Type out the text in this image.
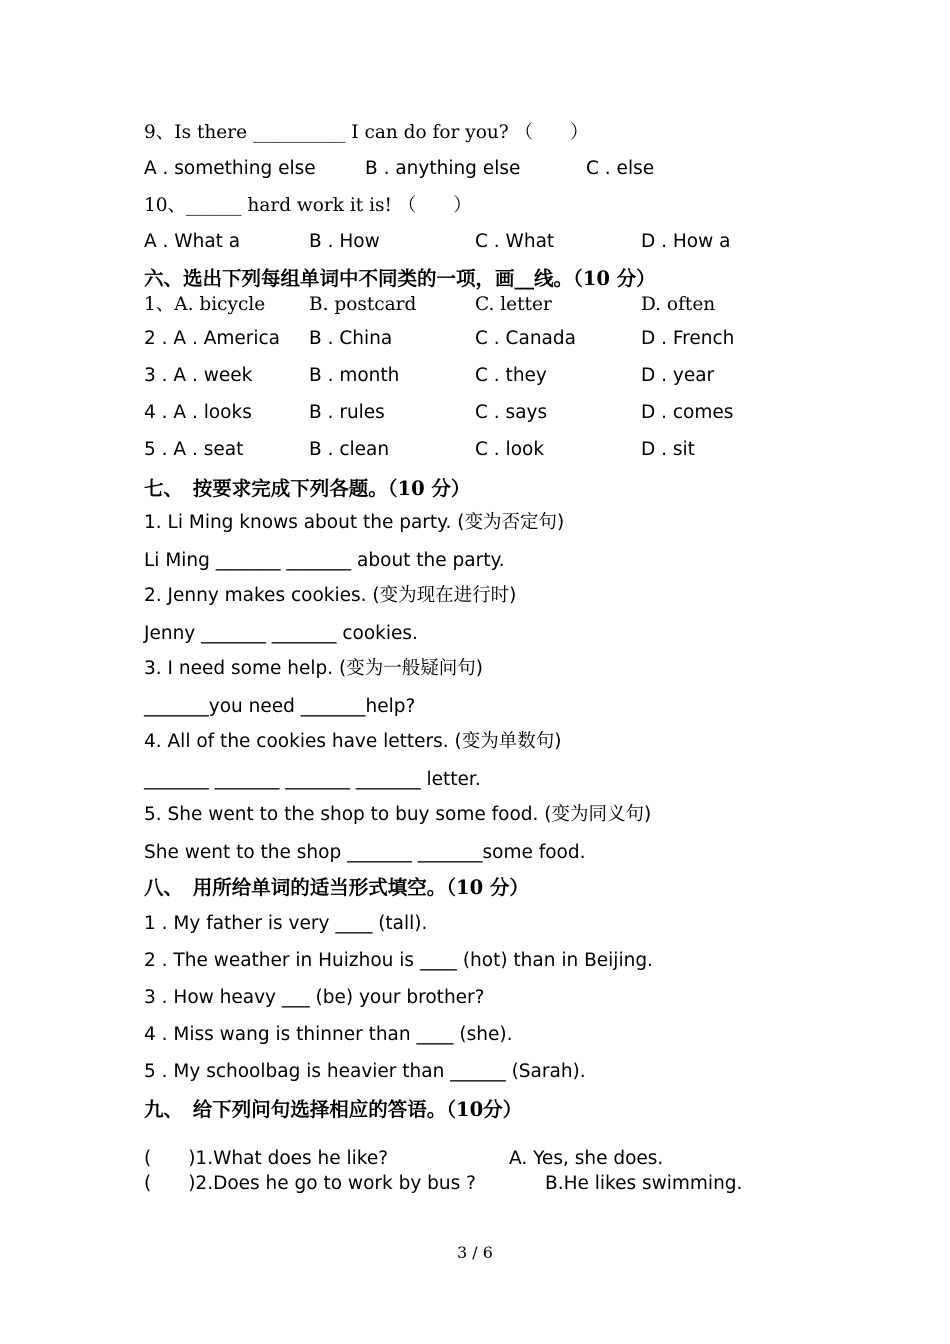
9、Is there __________ I can do for you? （　　）
A . something else	B . anything else	C . else
10、______ hard work it is! （　　）
A . What a	B . How	C . What	D . How a
六、选出下列每组单词中不同类的一项，画__线。（10 分）
1、A. bicycle B. postcard	C. letter	D. often
2 . A . America B . China	C . Canada	D . French
3 . A . week	B . month	C . they	D . year
4 . A . looks	B . rules	C . says	D . comes
5 . A . seat	B . clean	C . look	D . sit
七、　按要求完成下列各题。（10 分）
1. Li Ming knows about the party. (变为否定句)
Li Ming _______ _______ about the party.
2. Jenny makes cookies. (变为现在进行时)
Jenny _______ _______ cookies.
3. I need some help. (变为一般疑问句)
_______you need _______help?
4. All of the cookies have letters. (变为单数句)
_______ _______ _______ _______ letter.
5. She went to the shop to buy some food. (变为同义句)
She went to the shop _______ _______some food.
八、　用所给单词的适当形式填空。（10 分）
1 . My father is very ____ (tall).
2 . The weather in Huizhou is ____ (hot) than in Beijing.
3 . How heavy ___ (be) your brother?
4 . Miss wang is thinner than ____ (she).
5 . My schoolbag is heavier than ______ (Sarah).
九、　给下列问句选择相应的答语。（10分）
(　　)1.What does he like?	A. Yes, she does.
(　　)2.Does he go to work by bus ?	B.He likes swimming.
3 / 6
